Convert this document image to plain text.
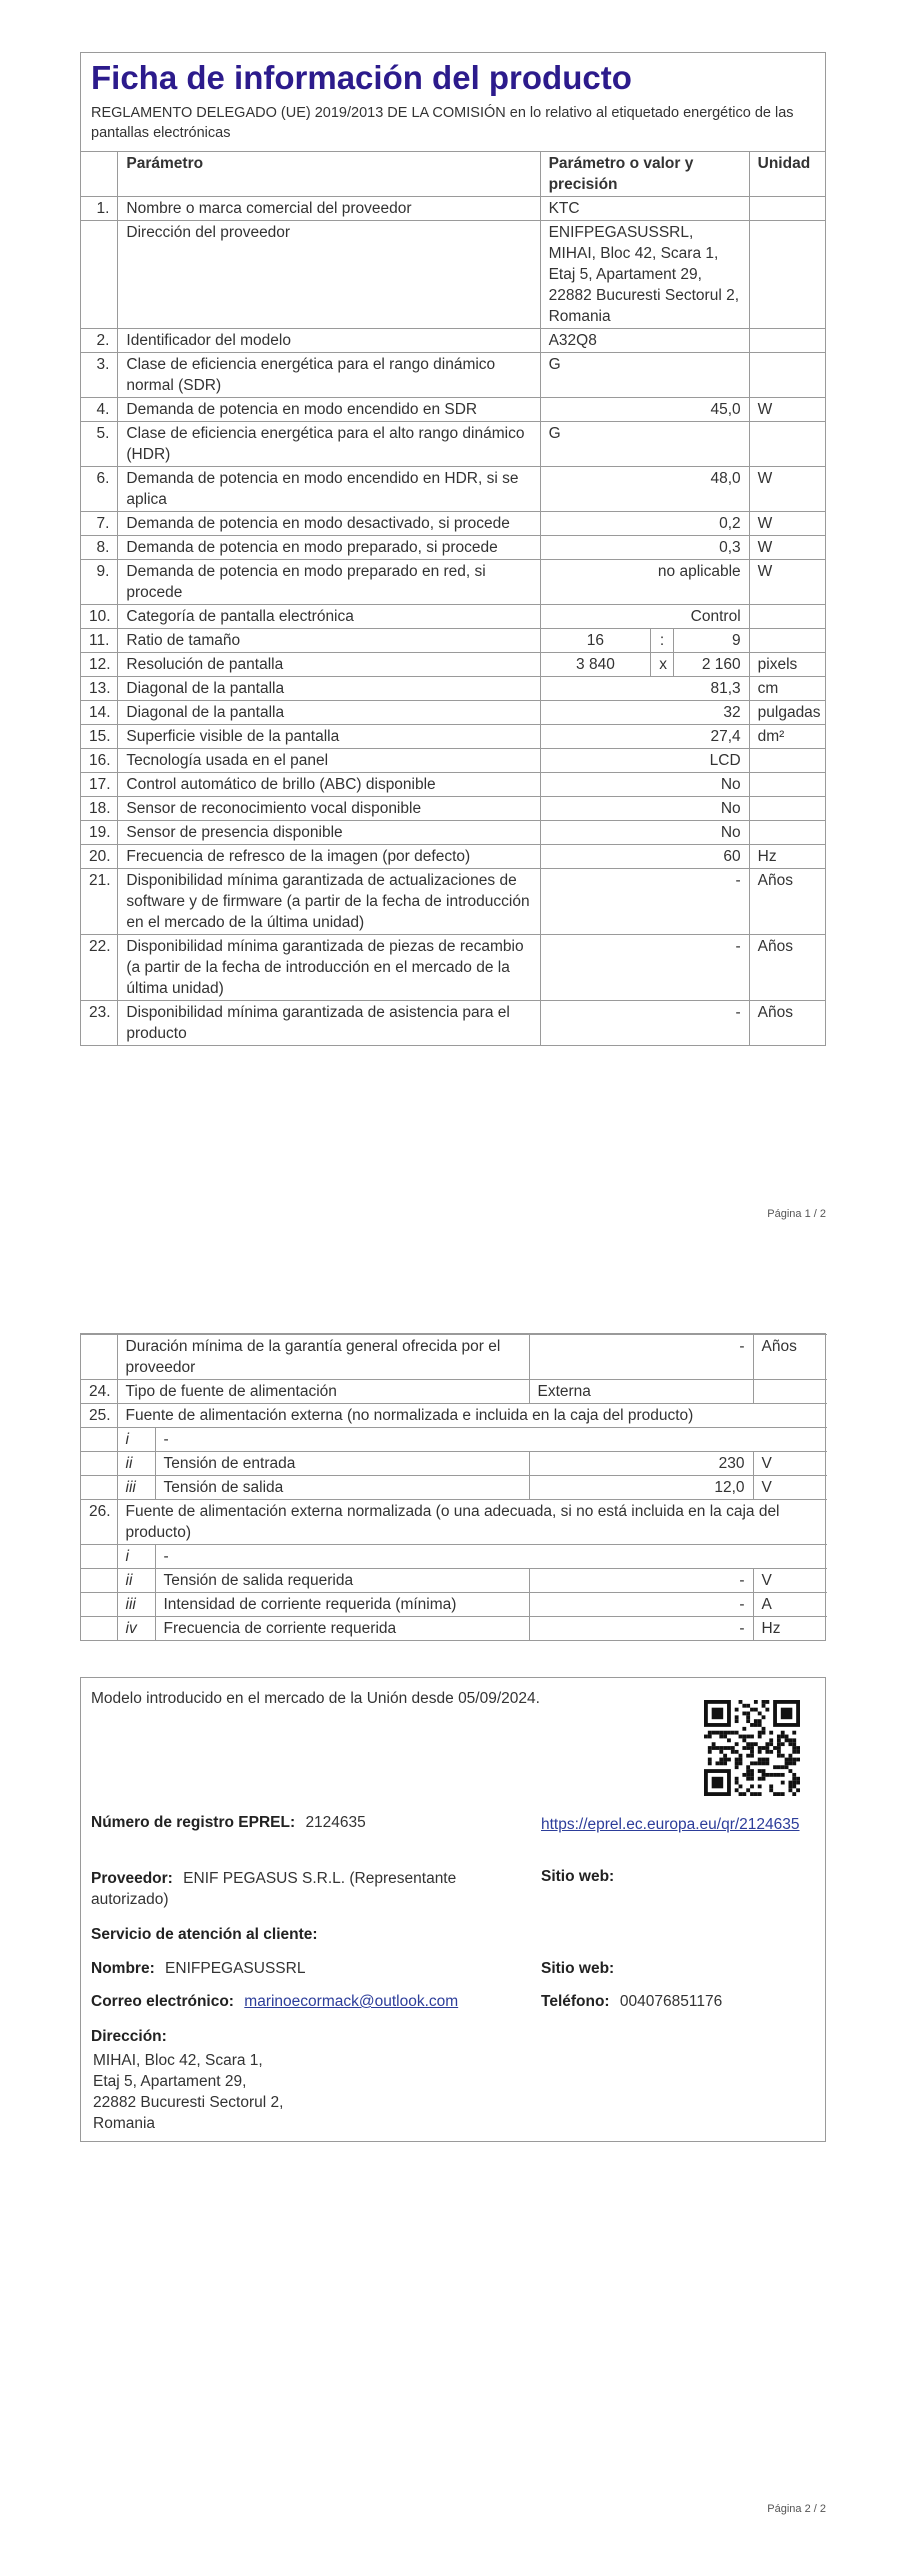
Ficha de información del producto
REGLAMENTO DELEGADO (UE) 2019/2013 DE LA COMISIÓN en lo relativo al etiquetado energético de las pantallas electrónicas
	Parámetro	Parámetro o valor y precisión			Unidad
1.	Nombre o marca comercial del proveedor	KTC			
	Dirección del proveedor	ENIFPEGASUSSRL, MIHAI, Bloc 42, Scara 1, Etaj 5, Apartament 29, 22882 Bucuresti Sectorul 2, Romania			
2.	Identificador del modelo	A32Q8			
3.	Clase de eficiencia energética para el rango dinámico normal (SDR)	G			
4.	Demanda de potencia en modo encendido en SDR	45,0			W
5.	Clase de eficiencia energética para el alto rango dinámico (HDR)	G			
6.	Demanda de potencia en modo encendido en HDR, si se aplica	48,0			W
7.	Demanda de potencia en modo desactivado, si procede	0,2			W
8.	Demanda de potencia en modo preparado, si procede	0,3			W
9.	Demanda de potencia en modo preparado en red, si procede	no aplicable			W
10.	Categoría de pantalla electrónica	Control			
11.	Ratio de tamaño	16	:	9	
12.	Resolución de pantalla	3 840	x	2 160	pixels
13.	Diagonal de la pantalla	81,3			cm
14.	Diagonal de la pantalla	32			pulgadas
15.	Superficie visible de la pantalla	27,4			dm²
16.	Tecnología usada en el panel	LCD			
17.	Control automático de brillo (ABC) disponible	No			
18.	Sensor de reconocimiento vocal disponible	No			
19.	Sensor de presencia disponible	No			
20.	Frecuencia de refresco de la imagen (por defecto)	60			Hz
21.	Disponibilidad mínima garantizada de actualizaciones de software y de firmware (a partir de la fecha de introducción en el mercado de la última unidad)	-			Años
22.	Disponibilidad mínima garantizada de piezas de recambio (a partir de la fecha de introducción en el mercado de la última unidad)	-			Años
23.	Disponibilidad mínima garantizada de asistencia para el producto	-			Años
Página 1 / 2
	Duración mínima de la garantía general ofrecida por el proveedor		-	Años
24.	Tipo de fuente de alimentación		Externa	
25.	Fuente de alimentación externa (no normalizada e incluida en la caja del producto)			
	i	-		
	ii	Tensión de entrada	230	V
	iii	Tensión de salida	12,0	V
26.	Fuente de alimentación externa normalizada (o una adecuada, si no está incluida en la caja del producto)			
	i	-		
	ii	Tensión de salida requerida	-	V
	iii	Intensidad de corriente requerida (mínima)	-	A
	iv	Frecuencia de corriente requerida	-	Hz
Modelo introducido en el mercado de la Unión desde 05/09/2024.
Número de registro EPREL: 2124635	https://eprel.ec.europa.eu/qr/2124635
Proveedor: ENIF PEGASUS S.R.L. (Representante autorizado)
Sitio web:
Servicio de atención al cliente:
Nombre: ENIFPEGASUSSRL	Sitio web:
Correo electrónico: marinoecormack@outlook.com	Teléfono: 004076851176
Dirección:
MIHAI, Bloc 42, Scara 1,
Etaj 5, Apartament 29,
22882 Bucuresti Sectorul 2,
Romania
Página 2 / 2
